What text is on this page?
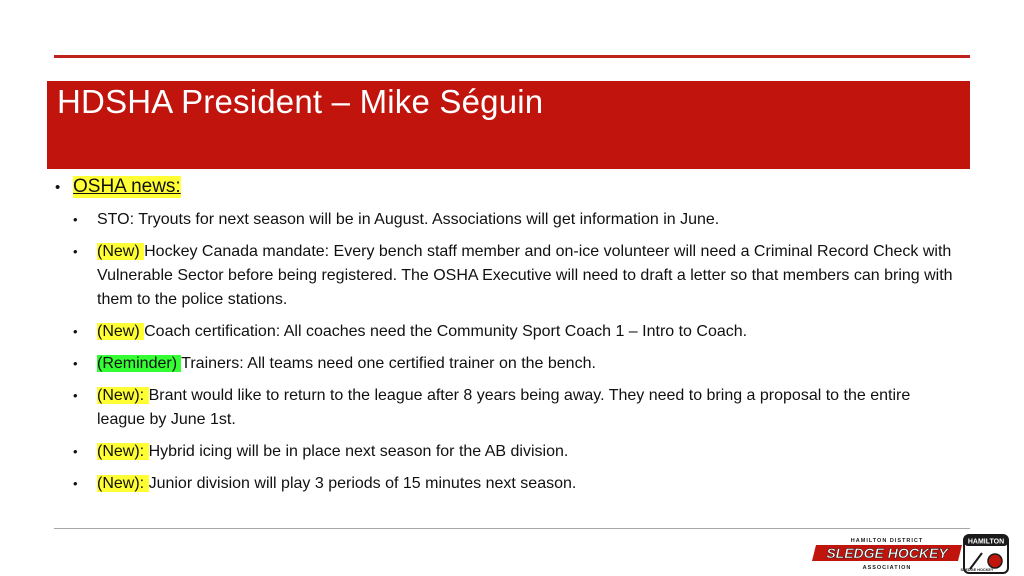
HDSHA President – Mike Séguin
• OSHA news:
•	STO: Tryouts for next season will be in August. Associations will get information in June.
•	(New) Hockey Canada mandate: Every bench staff member and on-ice volunteer will need a Criminal Record Check with Vulnerable Sector before being registered. The OSHA Executive will need to draft a letter so that members can bring with them to the police stations.
•	(New) Coach certification: All coaches need the Community Sport Coach 1 – Intro to Coach.
•	(Reminder) Trainers: All teams need one certified trainer on the bench.
•	(New): Brant would like to return to the league after 8 years being away. They need to bring a proposal to the entire league by June 1st.
•	(New): Hybrid icing will be in place next season for the AB division.
•	(New): Junior division will play 3 periods of 15 minutes next season.
HAMILTON DISTRICT
SLEDGE HOCKEY
ASSOCIATION
HAMILTON
SLEDGE HOCKEY
